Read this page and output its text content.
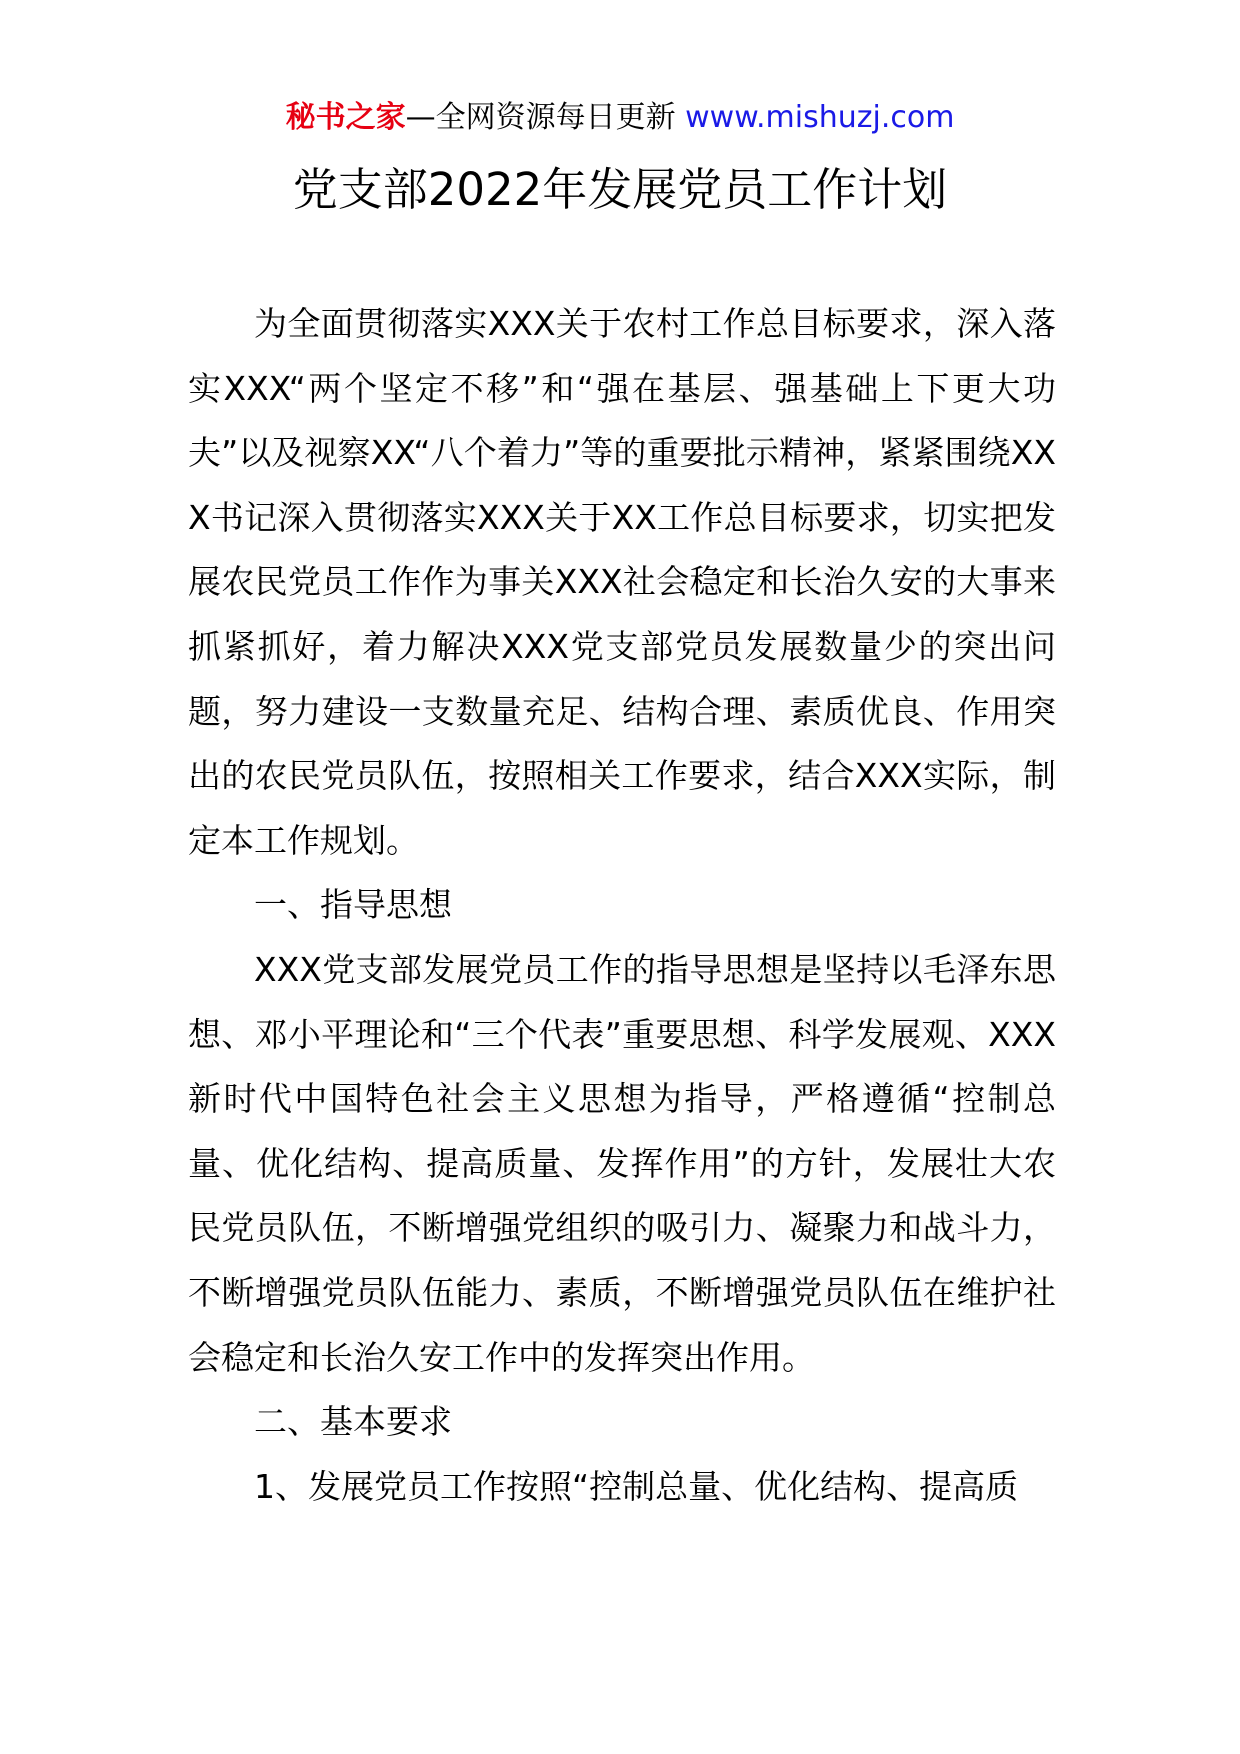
秘书之家—全网资源每日更新 www.mishuzj.com
党支部2022年发展党员工作计划

为全面贯彻落实XXX关于农村工作总目标要求，深入落实XXX“两个坚定不移”和“强在基层、强基础上下更大功夫”以及视察XX“八个着力”等的重要批示精神，紧紧围绕XXX书记深入贯彻落实XXX关于XX工作总目标要求，切实把发展农民党员工作作为事关XXX社会稳定和长治久安的大事来抓紧抓好，着力解决XXX党支部党员发展数量少的突出问题，努力建设一支数量充足、结构合理、素质优良、作用突出的农民党员队伍，按照相关工作要求，结合XXX实际，制定本工作规划。

一、指导思想

XXX党支部发展党员工作的指导思想是坚持以毛泽东思想、邓小平理论和“三个代表”重要思想、科学发展观、XXX新时代中国特色社会主义思想为指导，严格遵循“控制总量、优化结构、提高质量、发挥作用”的方针，发展壮大农民党员队伍，不断增强党组织的吸引力、凝聚力和战斗力，不断增强党员队伍能力、素质，不断增强党员队伍在维护社会稳定和长治久安工作中的发挥突出作用。

二、基本要求

1、发展党员工作按照“控制总量、优化结构、提高质
